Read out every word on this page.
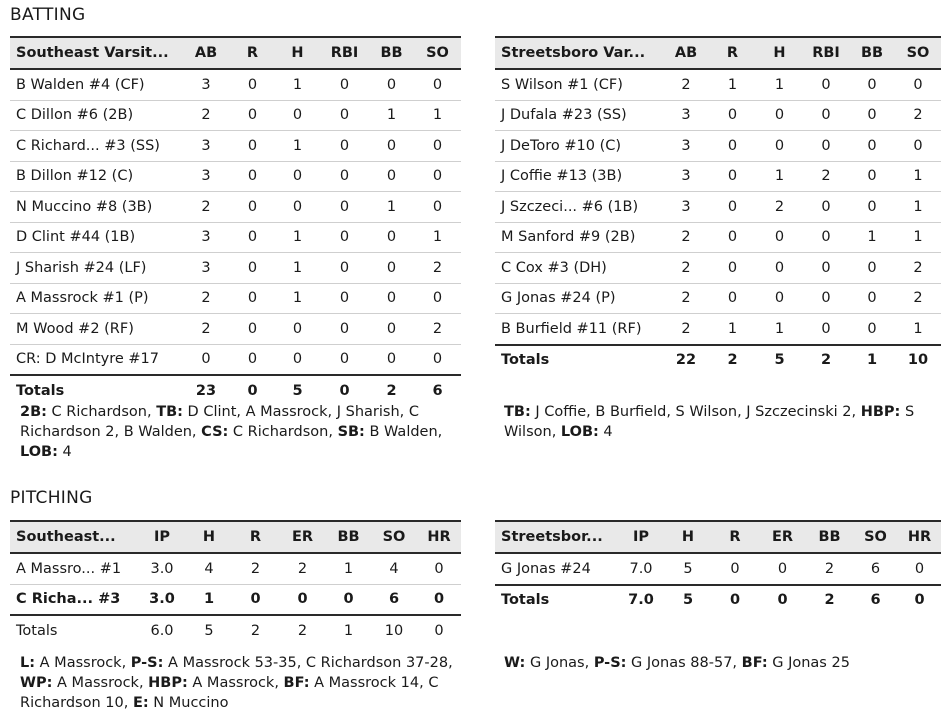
BATTING
Southeast Varsit...	AB	R	H	RBI	BB	SO
B Walden #4 (CF)	3	0	1	0	0	0
C Dillon #6 (2B)	2	0	0	0	1	1
C Richard... #3 (SS)	3	0	1	0	0	0
B Dillon #12 (C)	3	0	0	0	0	0
N Muccino #8 (3B)	2	0	0	0	1	0
D Clint #44 (1B)	3	0	1	0	0	1
J Sharish #24 (LF)	3	0	1	0	0	2
A Massrock #1 (P)	2	0	1	0	0	0
M Wood #2 (RF)	2	0	0	0	0	2
CR: D McIntyre #17	0	0	0	0	0	0
Totals	23	0	5	0	2	6
Streetsboro Var...	AB	R	H	RBI	BB	SO
S Wilson #1 (CF)	2	1	1	0	0	0
J Dufala #23 (SS)	3	0	0	0	0	2
J DeToro #10 (C)	3	0	0	0	0	0
J Coffie #13 (3B)	3	0	1	2	0	1
J Szczeci... #6 (1B)	3	0	2	0	0	1
M Sanford #9 (2B)	2	0	0	0	1	1
C Cox #3 (DH)	2	0	0	0	0	2
G Jonas #24 (P)	2	0	0	0	0	2
B Burfield #11 (RF)	2	1	1	0	0	1
Totals	22	2	5	2	1	10
2B: C Richardson, TB: D Clint, A Massrock, J Sharish, C Richardson 2, B Walden, CS: C Richardson, SB: B Walden, LOB: 4
TB: J Coffie, B Burfield, S Wilson, J Szczecinski 2, HBP: S Wilson, LOB: 4
PITCHING
Southeast...	IP	H	R	ER	BB	SO	HR
A Massro... #1	3.0	4	2	2	1	4	0
C Richa... #3	3.0	1	0	0	0	6	0
Totals	6.0	5	2	2	1	10	0
Streetsbor...	IP	H	R	ER	BB	SO	HR
G Jonas #24	7.0	5	0	0	2	6	0
Totals	7.0	5	0	0	2	6	0
L: A Massrock, P-S: A Massrock 53-35, C Richardson 37-28, WP: A Massrock, HBP: A Massrock, BF: A Massrock 14, C Richardson 10, E: N Muccino
W: G Jonas, P-S: G Jonas 88-57, BF: G Jonas 25
